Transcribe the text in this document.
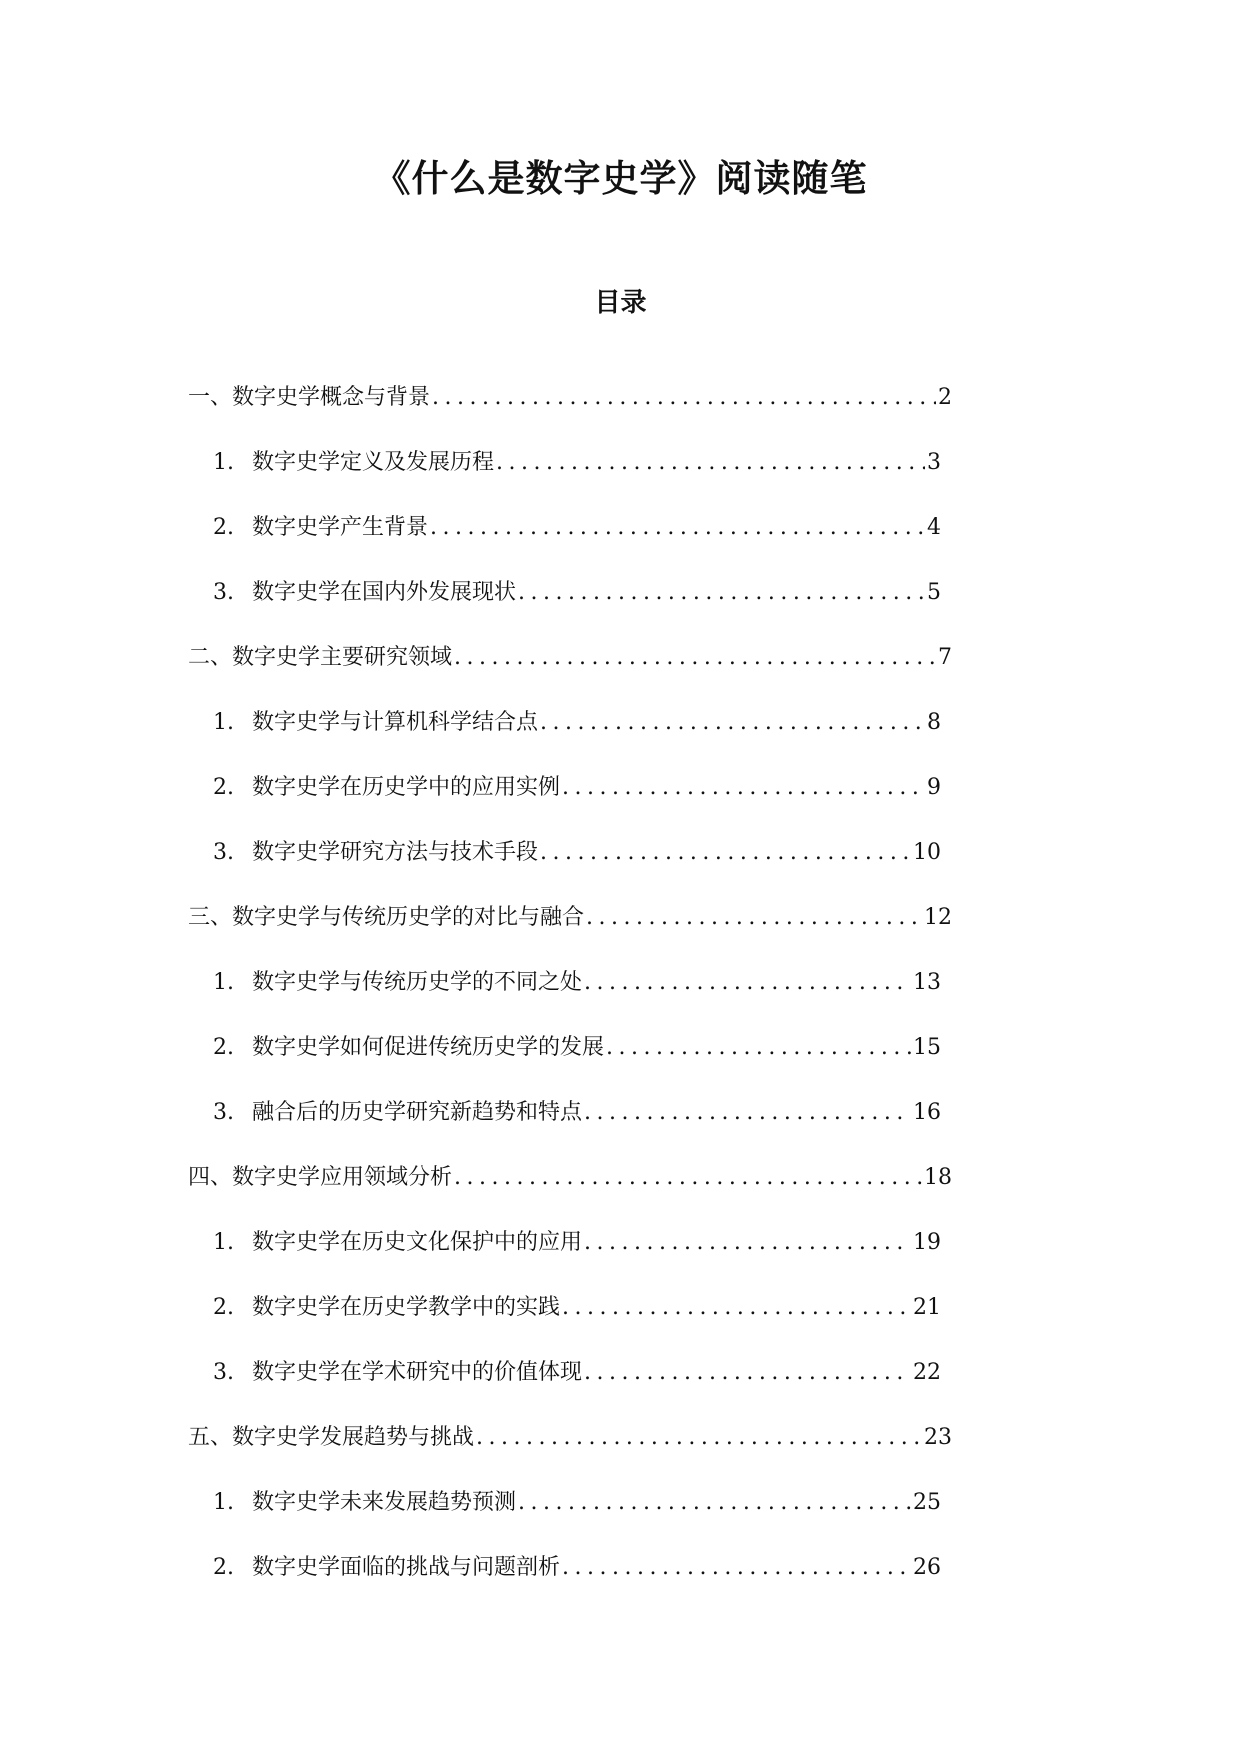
《什么是数字史学》阅读随笔
目录
一、数字史学概念与背景 .....	2
1. 数字史学定义及发展历程 .....	3
2. 数字史学产生背景 .....	4
3. 数字史学在国内外发展现状 .....	5
二、数字史学主要研究领域 .....	7
1. 数字史学与计算机科学结合点 .....	8
2. 数字史学在历史学中的应用实例 .....	9
3. 数字史学研究方法与技术手段 .....	10
三、数字史学与传统历史学的对比与融合 .....	12
1. 数字史学与传统历史学的不同之处 .....	13
2. 数字史学如何促进传统历史学的发展 .....	15
3. 融合后的历史学研究新趋势和特点 .....	16
四、数字史学应用领域分析 .....	18
1. 数字史学在历史文化保护中的应用 .....	19
2. 数字史学在历史学教学中的实践 .....	21
3. 数字史学在学术研究中的价值体现 .....	22
五、数字史学发展趋势与挑战 .....	23
1. 数字史学未来发展趋势预测 .....	25
2. 数字史学面临的挑战与问题剖析 .....	26
